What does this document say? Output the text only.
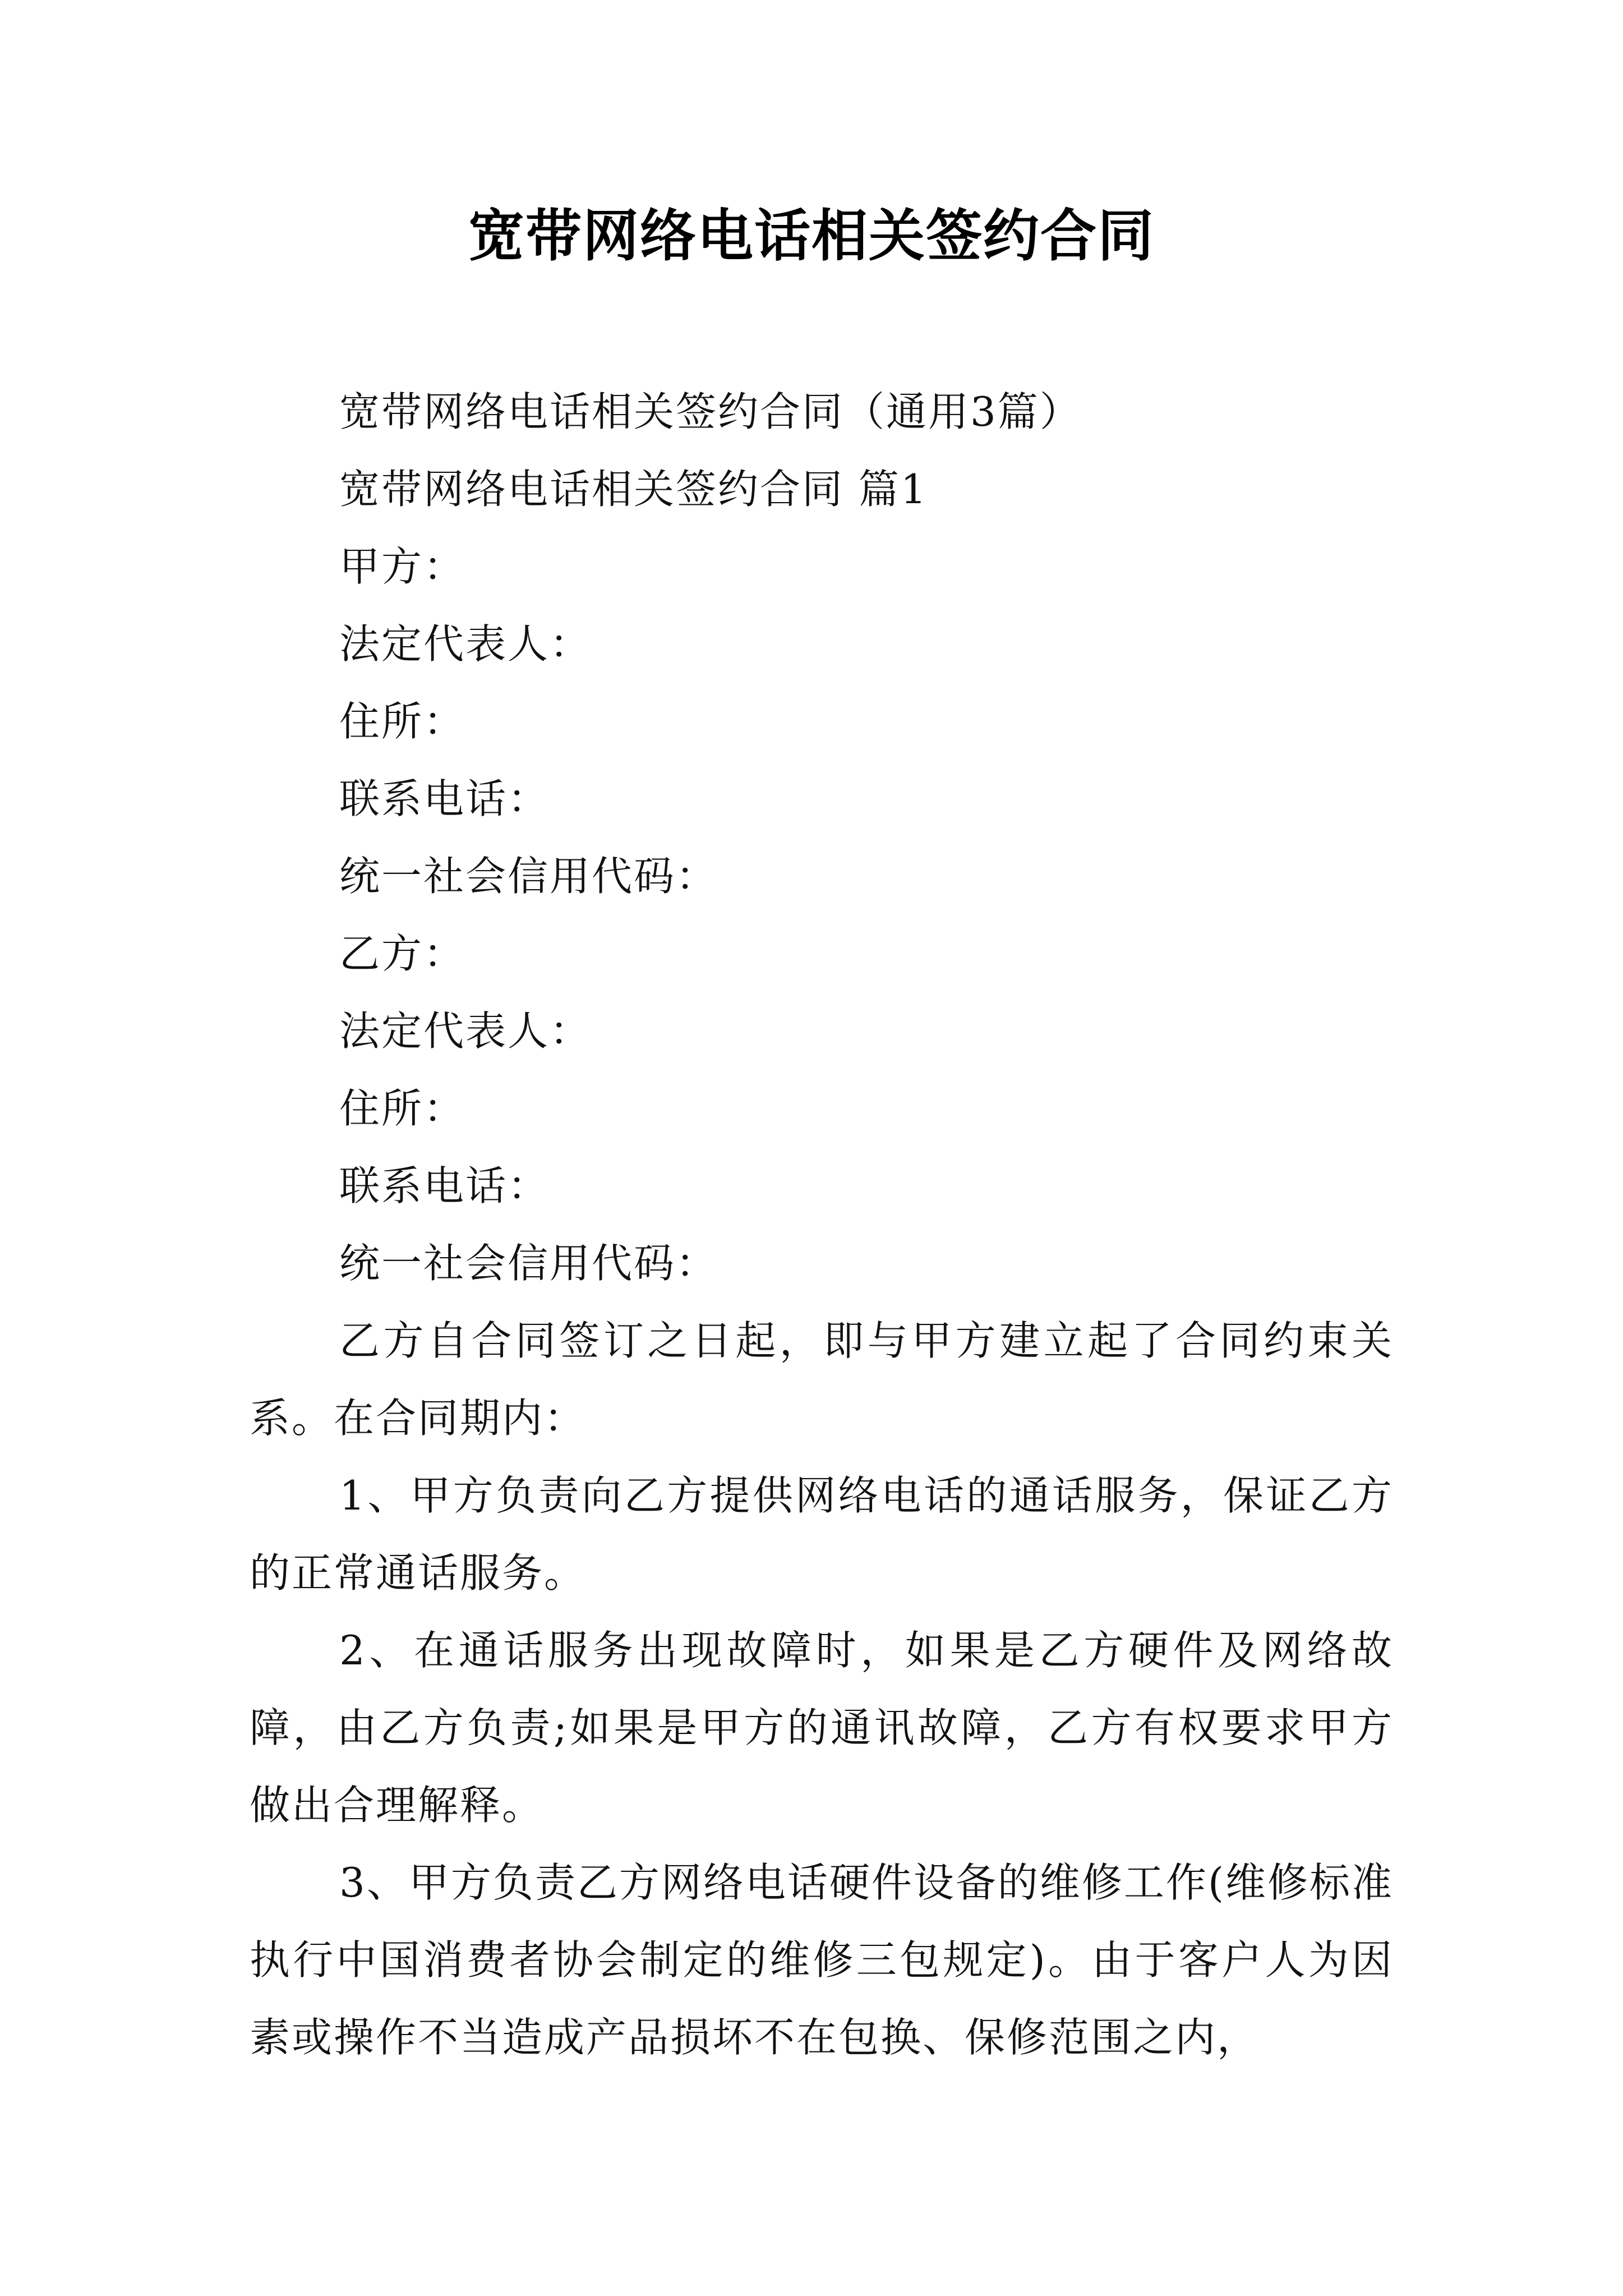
宽带网络电话相关签约合同

宽带网络电话相关签约合同（通用3篇）

宽带网络电话相关签约合同 篇1

甲方：

法定代表人：

住所：

联系电话：

统一社会信用代码：

乙方：

法定代表人：

住所：

联系电话：

统一社会信用代码：

乙方自合同签订之日起，即与甲方建立起了合同约束关系。在合同期内：

1、甲方负责向乙方提供网络电话的通话服务，保证乙方的正常通话服务。

2、在通话服务出现故障时，如果是乙方硬件及网络故障，由乙方负责;如果是甲方的通讯故障，乙方有权要求甲方做出合理解释。

3、甲方负责乙方网络电话硬件设备的维修工作(维修标准执行中国消费者协会制定的维修三包规定)。由于客户人为因素或操作不当造成产品损坏不在包换、保修范围之内，
